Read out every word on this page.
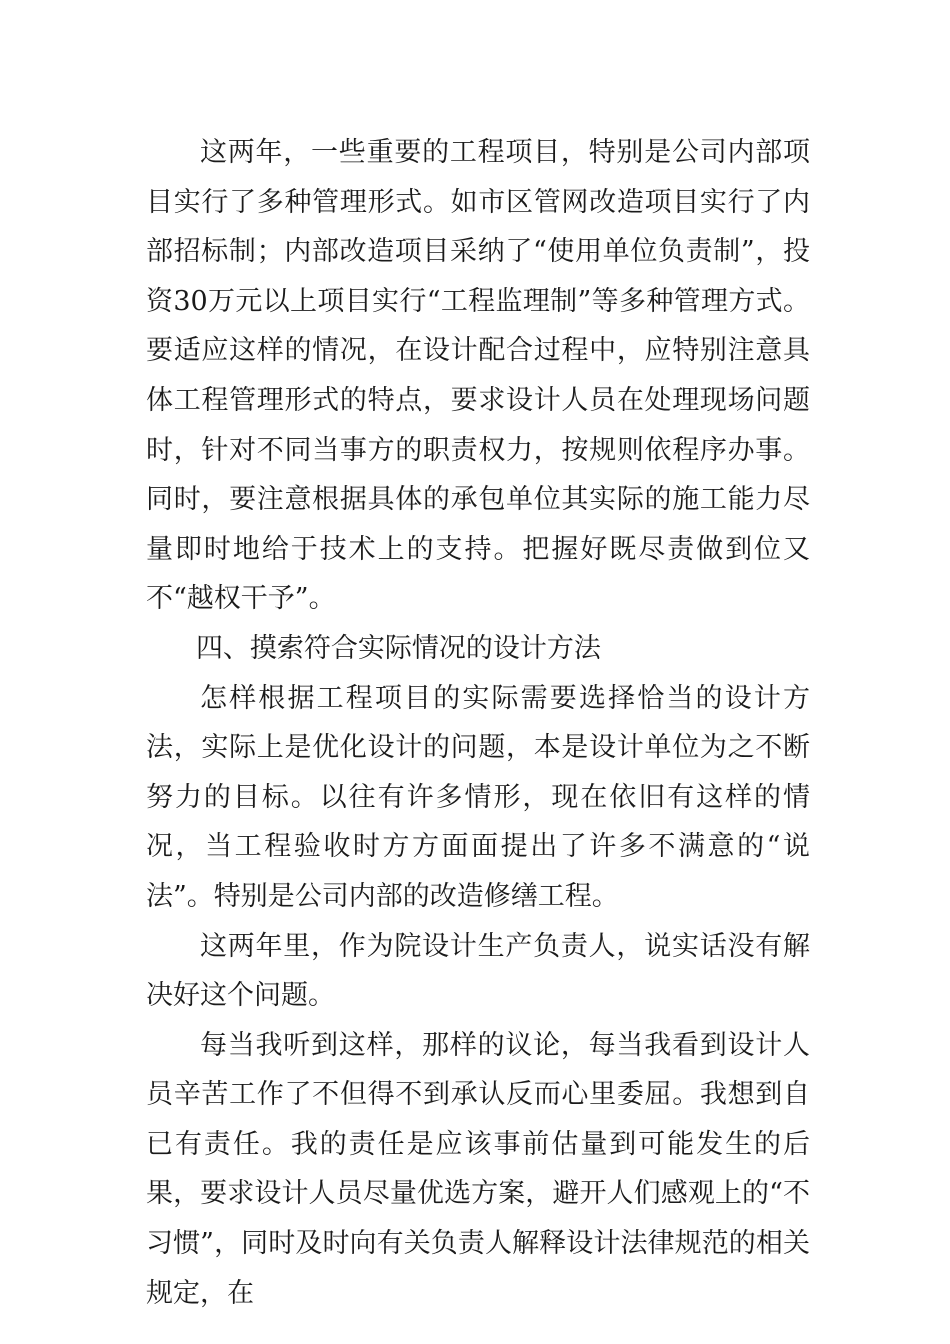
这两年，一些重要的工程项目，特别是公司内部项目实行了多种管理形式。如市区管网改造项目实行了内部招标制；内部改造项目采纳了“使用单位负责制”，投资30万元以上项目实行“工程监理制”等多种管理方式。要适应这样的情况，在设计配合过程中，应特别注意具体工程管理形式的特点，要求设计人员在处理现场问题时，针对不同当事方的职责权力，按规则依程序办事。同时，要注意根据具体的承包单位其实际的施工能力尽量即时地给于技术上的支持。把握好既尽责做到位又不“越权干予”。

四、摸索符合实际情况的设计方法

怎样根据工程项目的实际需要选择恰当的设计方法，实际上是优化设计的问题，本是设计单位为之不断努力的目标。以往有许多情形，现在依旧有这样的情况，当工程验收时方方面面提出了许多不满意的“说法”。特别是公司内部的改造修缮工程。

这两年里，作为院设计生产负责人，说实话没有解决好这个问题。

每当我听到这样，那样的议论，每当我看到设计人员辛苦工作了不但得不到承认反而心里委屈。我想到自已有责任。我的责任是应该事前估量到可能发生的后果，要求设计人员尽量优选方案，避开人们感观上的“不习惯”，同时及时向有关负责人解释设计法律规范的相关规定，在
